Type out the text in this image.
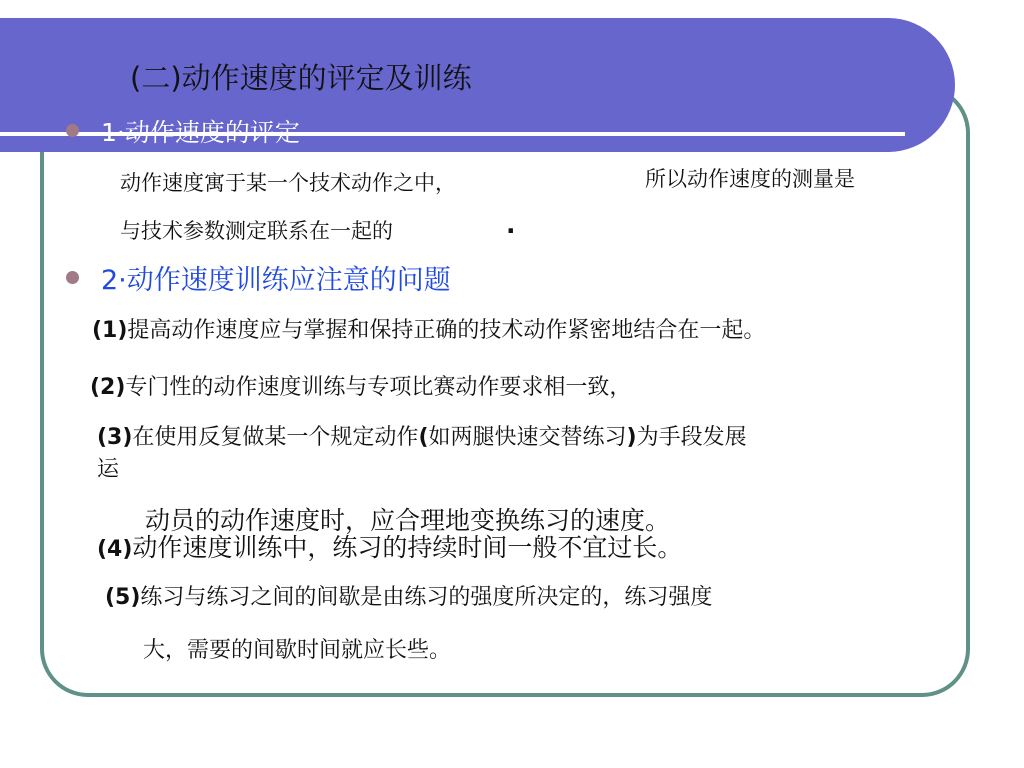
(二)动作速度的评定及训练
1·动作速度的评定
动作速度寓于某一个技术动作之中，	所以动作速度的测量是
与技术参数测定联系在一起的	.
2·动作速度训练应注意的问题
(1)提高动作速度应与掌握和保持正确的技术动作紧密地结合在一起。
(2)专门性的动作速度训练与专项比赛动作要求相一致，
(3)在使用反复做某一个规定动作(如两腿快速交替练习)为手段发展
运
动员的动作速度时，应合理地变换练习的速度。
(4)动作速度训练中，练习的持续时间一般不宜过长。
(5)练习与练习之间的间歇是由练习的强度所决定的，练习强度
大，需要的间歇时间就应长些。
